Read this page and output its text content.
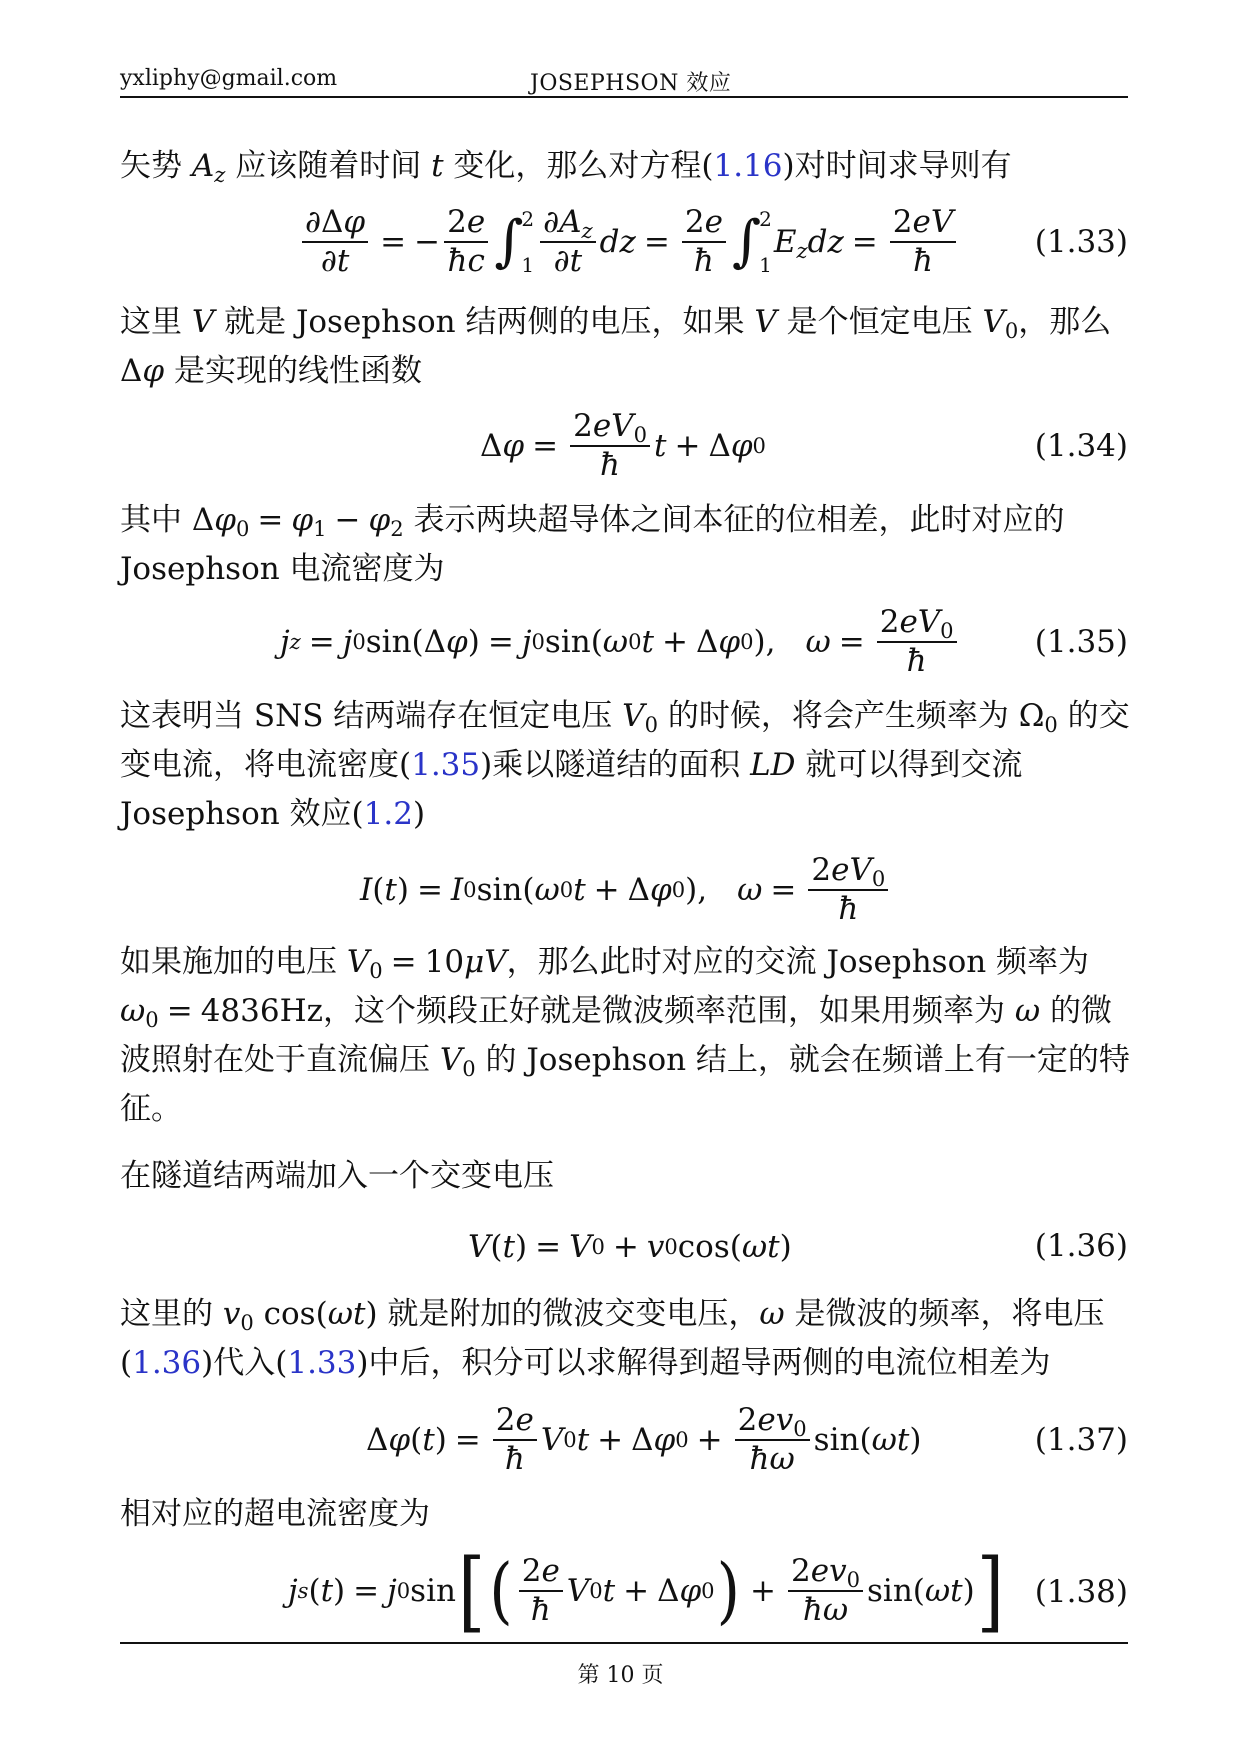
yxliphy@gmail.com	JOSEPHSON 效应

矢势 $A_z$ 应该随着时间 t 变化，那么对方程(1.16)对时间求导则有

$\frac{\partial\Delta\varphi}{\partial t}$ = − $\frac{2e}{ħc}$ ∫
2
$1 \frac{\partial A_z}{\partial t}$ dz = $\frac{2e}{ħ}$ ∫
2
1
$E_zdz = \frac{2eV}{ħ}$	(1.33)

这里 V 就是 Josephson 结两侧的电压，如果 V 是个恒定电压 $V_0$，那么Δφ 是实现的线性函数

Δ $\varphi = \frac{2eV_0}{ħ}$ t + Δ φ 0	(1.34)

其中 $\Delta\varphi_0 = \varphi_1 - \varphi_2$ 表示两块超导体之间本征的位相差，此时对应的 Josephson 电流密度为

j z = j 0 sin(Δ φ ) = j 0 sin( ω 0 t + Δ φ 0 ), $\omega = \frac{2eV_0}{ħ}$	(1.35)

这表明当 SNS 结两端存在恒定电压 $V_0$ 的时候，将会产生频率为 $\Omega_0$ 的交变电流，将电流密度(1.35)乘以隧道结的面积 LD 就可以得到交流 Josephson 效应(1.2)

I ( t ) = I 0 sin( ω 0 t + Δ φ 0 ), $\omega = \frac{2eV_0}{ħ}$

如果施加的电压 $V_0 = 10\mu V$，那么此时对应的交流 Josephson 频率为 $\omega_0 = 4836Hz$，这个频段正好就是微波频率范围，如果用频率为 ω 的微波照射在处于直流偏压 $V_0$ 的 Josephson 结上，就会在频谱上有一定的特征。

在隧道结两端加入一个交变电压

V ( t ) = V 0 + v 0 cos( ωt )	(1.36)

这里的 $v_0$ cos(ωt) 就是附加的微波交变电压，ω 是微波的频率，将电压(1.36)代入(1.33)中后，积分可以求解得到超导两侧的电流位相差为

Δ φ ( t ) = $\frac{2e}{ħ}$ V 0 t + Δ φ $0 + \frac{2ev_0}{ħ\omega} \sin$( ωt )	(1.37)

相对应的超电流密度为

j s ( t ) = j 0 sin [ ( $\frac{2e}{ħ}$ V 0 t + Δ φ 0 ) + $\frac{2ev_0}{ħ\omega} \sin$( ωt ) ] (1.38)
第 10 页
